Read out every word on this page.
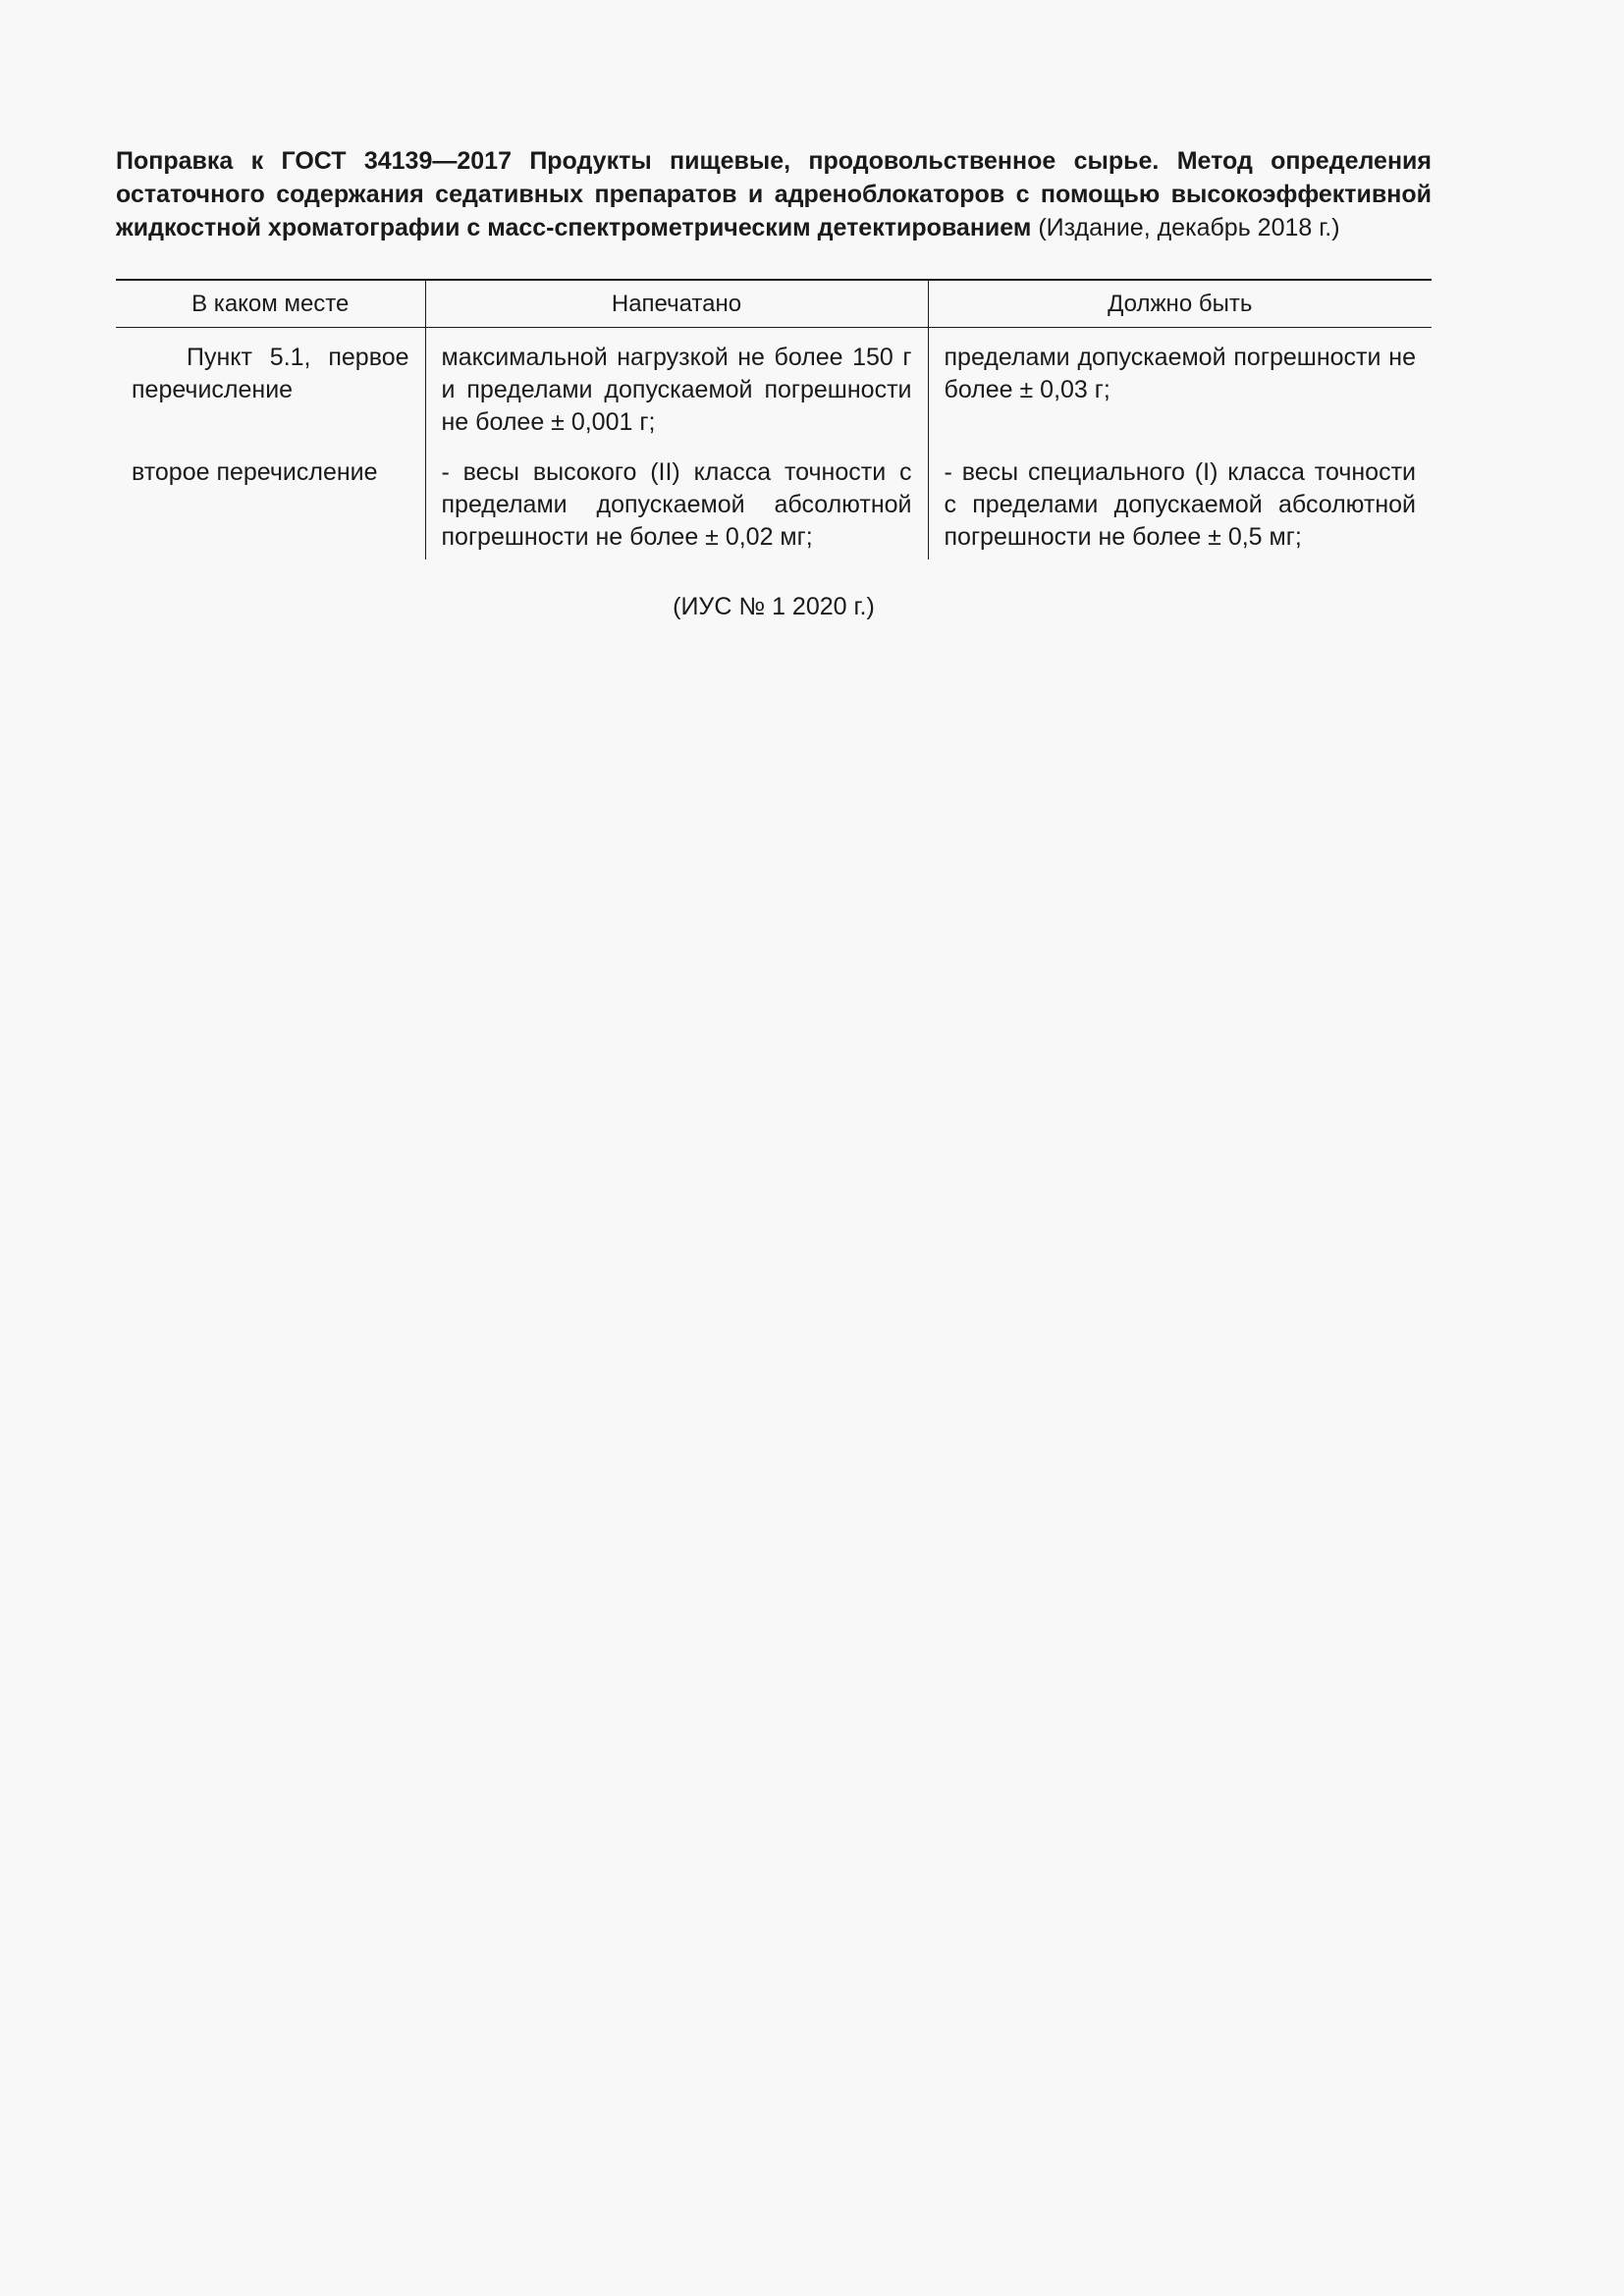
Поправка к ГОСТ 34139—2017 Продукты пищевые, продовольственное сырье. Метод определения остаточного содержания седативных препаратов и адреноблокаторов с помощью высокоэффективной жидкостной хроматографии с масс-спектрометрическим детектированием (Издание, декабрь 2018 г.)

В каком месте	Напечатано	Должно быть
Пункт 5.1, первое перечисление	максимальной нагрузкой не более 150 г и пределами допускаемой погрешности не более ± 0,001 г;	пределами допускаемой погрешности не более ± 0,03 г;
второе перечисление	- весы высокого (II) класса точности с пределами допускаемой абсолютной погрешности не более ± 0,02 мг;	- весы специального (I) класса точности с пределами допускаемой абсолютной погрешности не более ± 0,5 мг;
(ИУС № 1 2020 г.)
